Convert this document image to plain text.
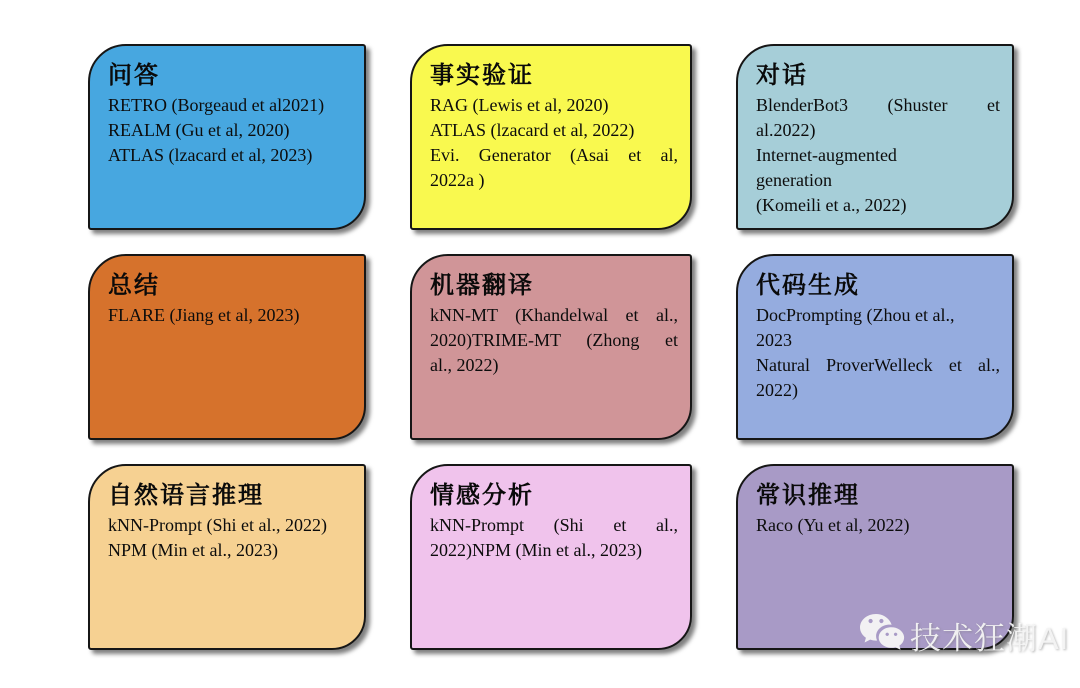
问答
RETRO (Borgeaud et al2021)
REALM (Gu et al, 2020)
ATLAS (lzacard et al, 2023)
事实验证
RAG (Lewis et al, 2020)
ATLAS (lzacard et al, 2022)
Evi. Generator (Asai et al,
2022a )
对话
BlenderBot3 (Shuster et
al.2022)
Internet-augmented
generation
(Komeili et a., 2022)
总结
FLARE (Jiang et al, 2023)
机器翻译
kNN-MT (Khandelwal et al.,
2020)TRIME-MT (Zhong et
al., 2022)
代码生成
DocPrompting (Zhou et al.,
2023
Natural ProverWelleck et al.,
2022)
自然语言推理
kNN-Prompt (Shi et al., 2022)
NPM (Min et al., 2023)
情感分析
kNN-Prompt (Shi et al.,
2022)NPM (Min et al., 2023)
常识推理
Raco (Yu et al, 2022)
技术狂潮AI
